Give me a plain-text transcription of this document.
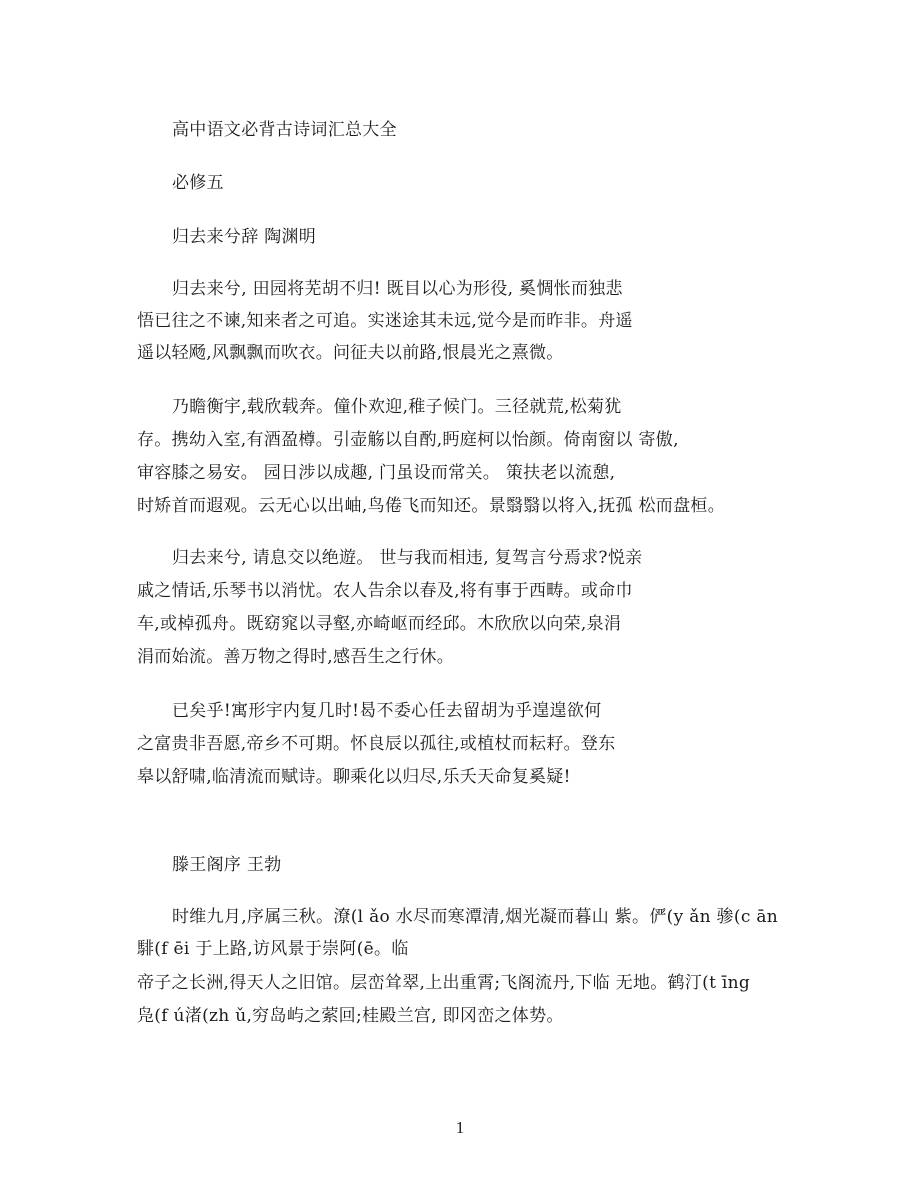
高中语文必背古诗词汇总大全
必修五
归去来兮辞 陶渊明
归去来兮, 田园将芜胡不归! 既目以心为形役, 奚惆怅而独悲
悟已往之不谏,知来者之可追。实迷途其未远,觉今是而昨非。舟遥
遥以轻飏,风飘飘而吹衣。问征夫以前路,恨晨光之熹微。
乃瞻衡宇,载欣载奔。僮仆欢迎,稚子候门。三径就荒,松菊犹
存。携幼入室,有酒盈樽。引壶觞以自酌,眄庭柯以怡颜。倚南窗以 寄傲,
审容膝之易安。 园日涉以成趣, 门虽设而常关。 策扶老以流憩,
时矫首而遐观。云无心以出岫,鸟倦飞而知还。景翳翳以将入,抚孤 松而盘桓。
归去来兮, 请息交以绝遊。 世与我而相违, 复驾言兮焉求?悦亲
戚之情话,乐琴书以消忧。农人告余以春及,将有事于西畴。或命巾
车,或棹孤舟。既窈窕以寻壑,亦崎岖而经邱。木欣欣以向荣,泉涓
涓而始流。善万物之得时,感吾生之行休。
已矣乎!寓形宇内复几时!曷不委心任去留胡为乎遑遑欲何
之富贵非吾愿,帝乡不可期。怀良辰以孤往,或植杖而耘耔。登东
皋以舒啸,临清流而赋诗。聊乘化以归尽,乐夭天命复奚疑!
滕王阁序 王勃
时维九月,序属三秋。潦(l ǎo 水尽而寒潭清,烟光凝而暮山 紫。俨(y ǎn 骖(c ān
騑(f ēi 于上路,访风景于崇阿(ē。临
帝子之长洲,得天人之旧馆。层峦耸翠,上出重霄;飞阁流丹,下临 无地。鹤汀(t īng
凫(f ú渚(zh ǔ,穷岛屿之萦回;桂殿兰宫, 即冈峦之体势。
1
